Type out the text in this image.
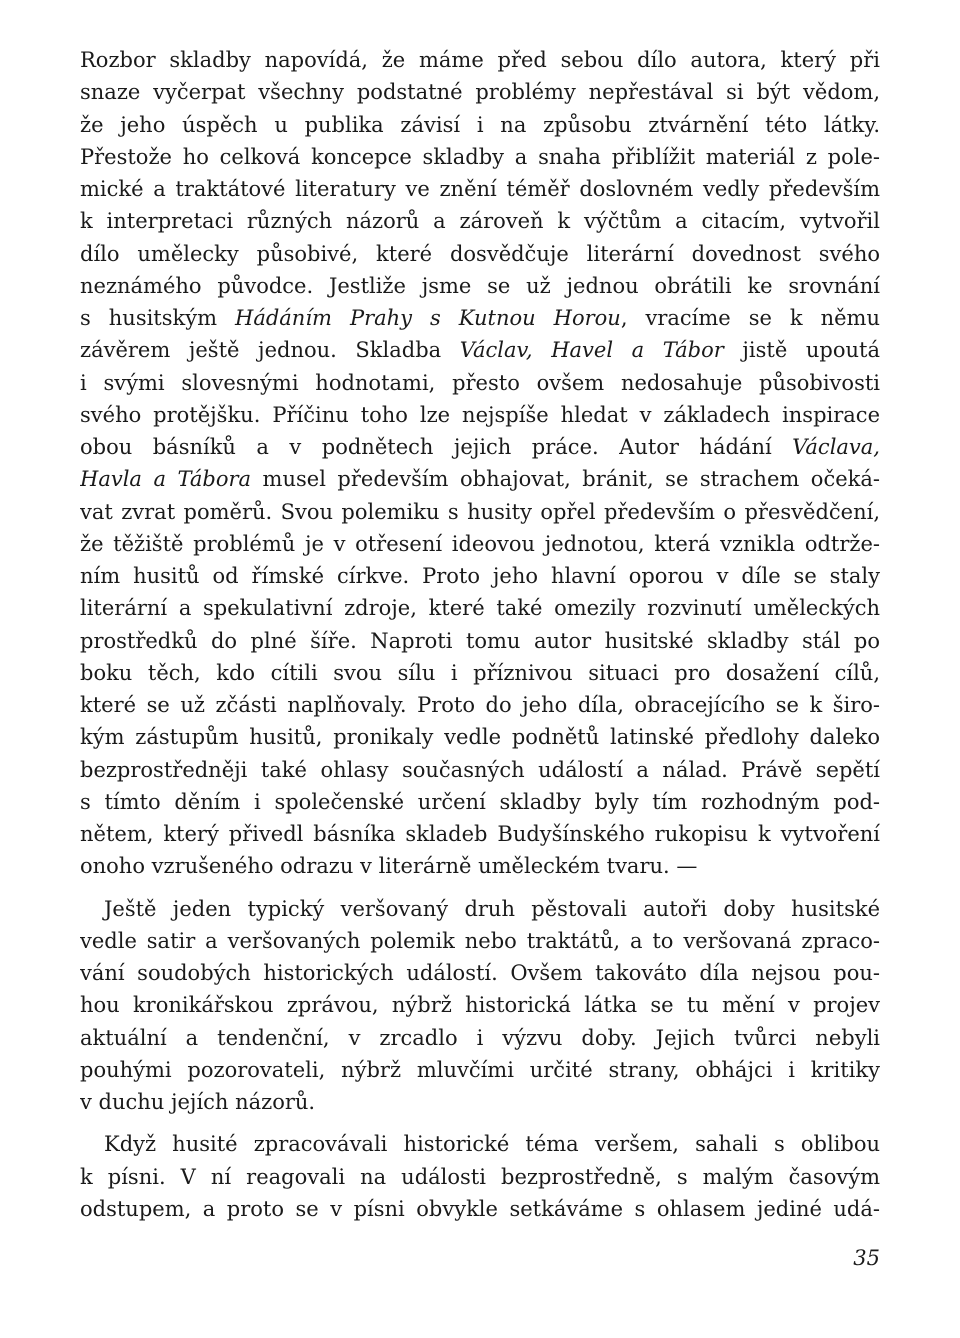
Rozbor skladby napovídá, že máme před sebou dílo autora, který při
snaze vyčerpat všechny podstatné problémy nepřestával si být vědom,
že jeho úspěch u publika závisí i na způsobu ztvárnění této látky.
Přestože ho celková koncepce skladby a snaha přiblížit materiál z pole-
mické a traktátové literatury ve znění téměř doslovném vedly především
k interpretaci různých názorů a zároveň k výčtům a citacím, vytvořil
dílo umělecky působivé, které dosvědčuje literární dovednost svého
neznámého původce. Jestliže jsme se už jednou obrátili ke srovnání
s husitským Hádáním Prahy s Kutnou Horou, vracíme se k němu
závěrem ještě jednou. Skladba Václav, Havel a Tábor jistě upoutá
i svými slovesnými hodnotami, přesto ovšem nedosahuje působivosti
svého protějšku. Příčinu toho lze nejspíše hledat v základech inspirace
obou básníků a v podnětech jejich práce. Autor hádání Václava,
Havla a Tábora musel především obhajovat, bránit, se strachem očeká-
vat zvrat poměrů. Svou polemiku s husity opřel především o přesvědčení,
že těžiště problémů je v otřesení ideovou jednotou, která vznikla odtrže-
ním husitů od římské církve. Proto jeho hlavní oporou v díle se staly
literární a spekulativní zdroje, které také omezily rozvinutí uměleckých
prostředků do plné šíře. Naproti tomu autor husitské skladby stál po
boku těch, kdo cítili svou sílu i příznivou situaci pro dosažení cílů,
které se už zčásti naplňovaly. Proto do jeho díla, obracejícího se k širo-
kým zástupům husitů, pronikaly vedle podnětů latinské předlohy daleko
bezprostředněji také ohlasy současných událostí a nálad. Právě sepětí
s tímto děním i společenské určení skladby byly tím rozhodným pod-
nětem, který přivedl básníka skladeb Budyšínského rukopisu k vytvoření
onoho vzrušeného odrazu v literárně uměleckém tvaru. —
Ještě jeden typický veršovaný druh pěstovali autoři doby husitské
vedle satir a veršovaných polemik nebo traktátů, a to veršovaná zpraco-
vání soudobých historických událostí. Ovšem takováto díla nejsou pou-
hou kronikářskou zprávou, nýbrž historická látka se tu mění v projev
aktuální a tendenční, v zrcadlo i výzvu doby. Jejich tvůrci nebyli
pouhými pozorovateli, nýbrž mluvčími určité strany, obhájci i kritiky
v duchu jejích názorů.
Když husité zpracovávali historické téma veršem, sahali s oblibou
k písni. V ní reagovali na události bezprostředně, s malým časovým
odstupem, a proto se v písni obvykle setkáváme s ohlasem jediné udá-
35
